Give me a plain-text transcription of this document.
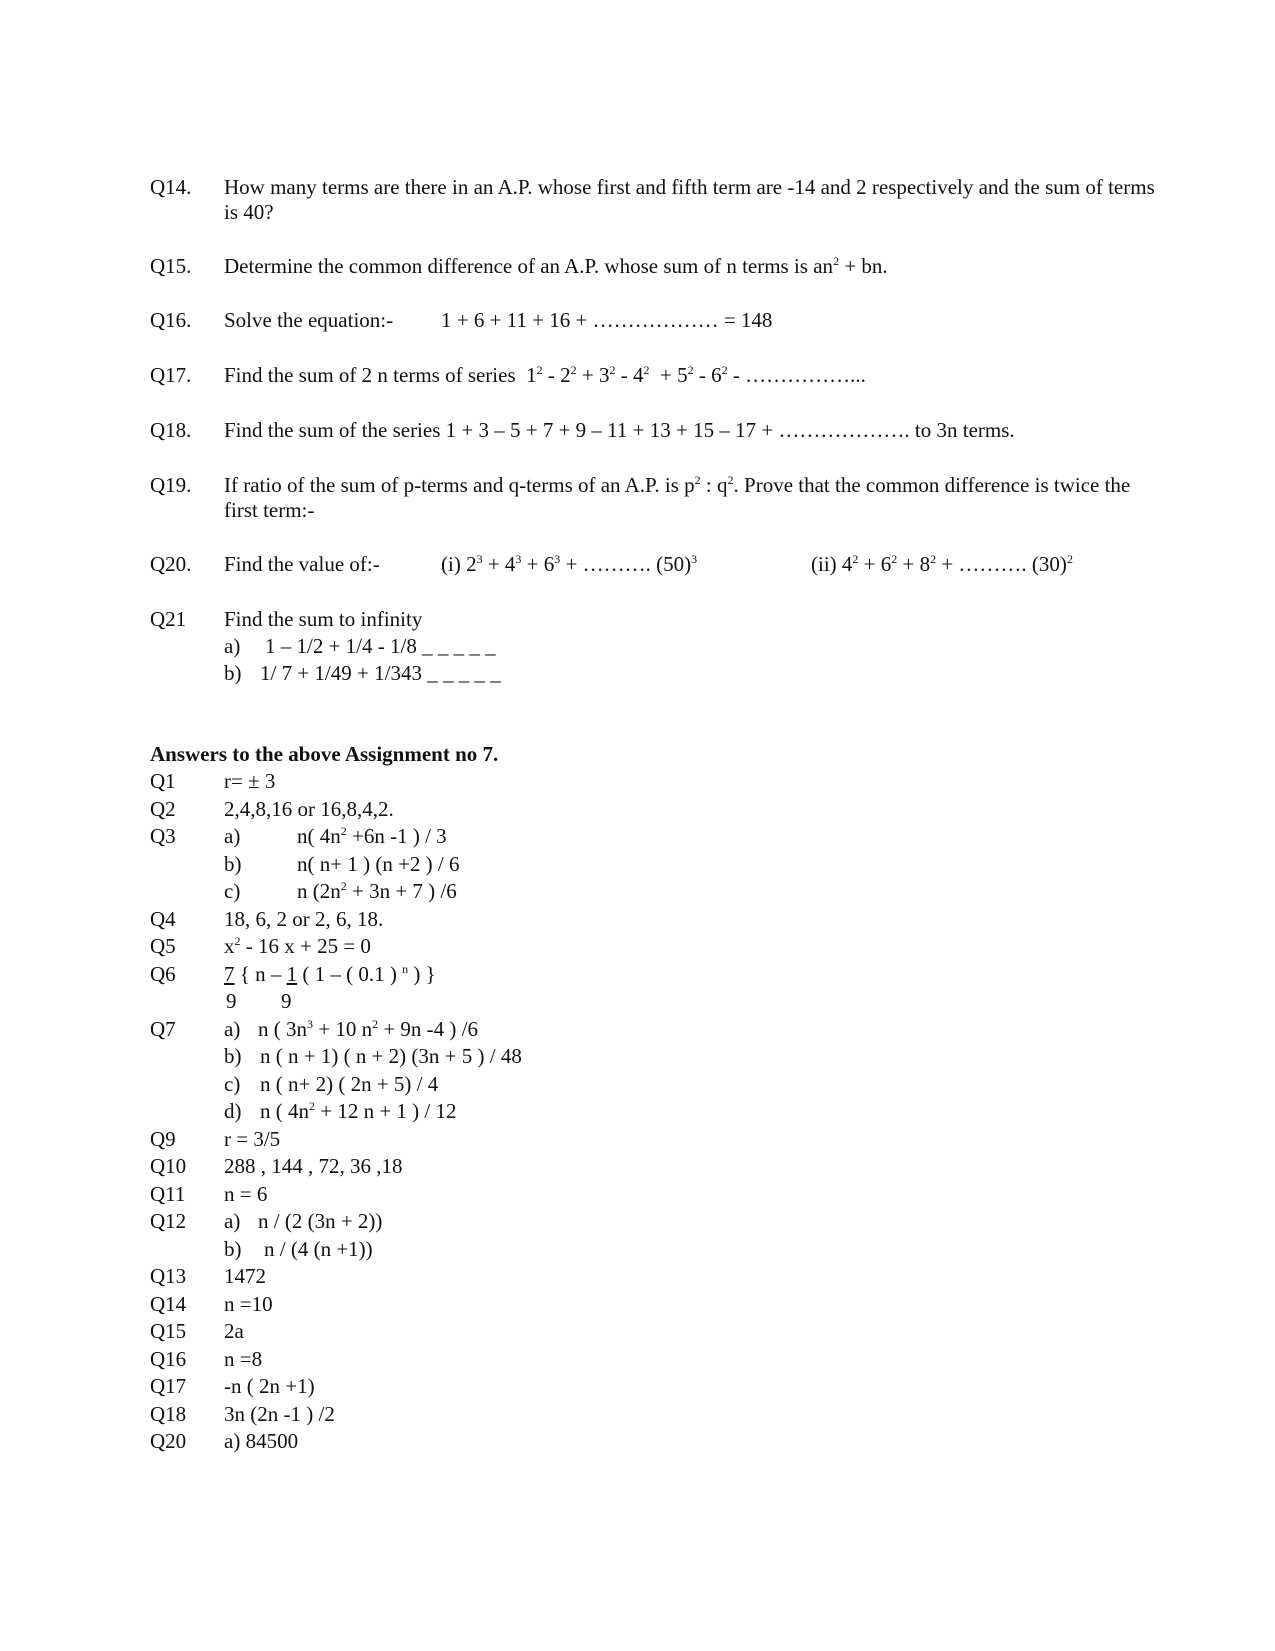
Q14. How many terms are there in an A.P. whose first and fifth term are -14 and 2 respectively and the sum of terms
is 40?
Q15. Determine the common difference of an A.P. whose sum of n terms is $an^2$ + bn.
Q16. Solve the equation:- 1 + 6 + 11 + 16 + ……………… = 148
Q17. Find the sum of 2 n terms of series  $1^2 - 2^2 + 3^2 - 4^2 + 5^2 - 6^2$ - ……………...
Q18. Find the sum of the series 1 + 3 – 5 + 7 + 9 – 11 + 13 + 15 – 17 + ………………. to 3n terms.
Q19. If ratio of the sum of p-terms and q-terms of an A.P. is $p^2$ : $q^2$. Prove that the common difference is twice the
first term:-
Q20. Find the value of:-	(i) $2^3 + 4^3 + 6^3$ + ………. $(50)^3$	(ii) $4^2 + 6^2 + 8^2$ + ………. $(30)^2$
Q21 Find the sum to infinity
a) 1 – 1/2 + 1/4 - 1/8 _ _ _ _ _
b) 1/ 7 + 1/49 + 1/343 _ _ _ _ _
Answers to the above Assignment no 7.
Q1 r= ± 3
Q2 2,4,8,16 or 16,8,4,2.
Q3 a)	n( $4n^2 +6n$ -1 ) / 3
b)	n( n+ 1 ) (n +2 ) / 6
c)	n ($2n^2 + 3n + 7$ ) /6
Q4 18, 6, 2 or 2, 6, 18.
Q5 $x^2 - 16$ x + 25 = 0
Q6 7 { n – 1 ( 1 – ( 0.1 ) $^n$ ) }
9 9
Q7 a) n ( $3n^3 + 10$ $n^2 + 9n$ -4 ) /6
b) n ( n + 1) ( n + 2) (3n + 5 ) / 48
c) n ( n+ 2) ( 2n + 5) / 4
d) n ( $4n^2 + 12$ n + 1 ) / 12
Q9 r = 3/5
Q10 288 , 144 , 72, 36 ,18
Q11 n = 6
Q12 a) n / (2 (3n + 2))
b) n / (4 (n +1))
Q13 1472
Q14 n =10
Q15 2a
Q16 n =8
Q17 -n ( 2n +1)
Q18 3n (2n -1 ) /2
Q20 a) 84500
